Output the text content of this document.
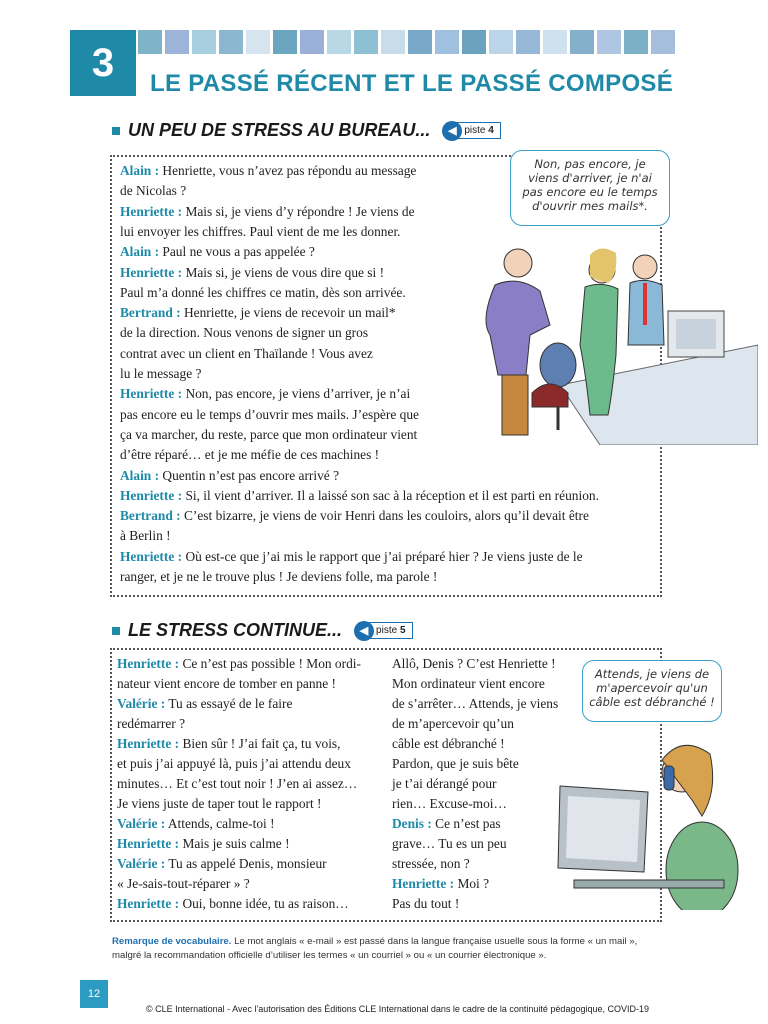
3	LE PASSÉ RÉCENT ET LE PASSÉ COMPOSÉ
UN PEU DE STRESS AU BUREAU...	◀︎ piste 4
Alain : Henriette, vous n’avez pas répondu au message
de Nicolas ?
Henriette : Mais si, je viens d’y répondre ! Je viens de
lui envoyer les chiffres. Paul vient de me les donner.
Alain : Paul ne vous a pas appelée ?
Henriette : Mais si, je viens de vous dire que si !
Paul m’a donné les chiffres ce matin, dès son arrivée.
Bertrand : Henriette, je viens de recevoir un mail*
de la direction. Nous venons de signer un gros
contrat avec un client en Thaïlande ! Vous avez
lu le message ?
Henriette : Non, pas encore, je viens d’arriver, je n’ai
pas encore eu le temps d’ouvrir mes mails. J’espère que
ça va marcher, du reste, parce que mon ordinateur vient
d’être réparé… et je me méfie de ces machines !
Alain : Quentin n’est pas encore arrivé ?
Henriette : Si, il vient d’arriver. Il a laissé son sac à la réception et il est parti en réunion.
Bertrand : C’est bizarre, je viens de voir Henri dans les couloirs, alors qu’il devait être
à Berlin !
Henriette : Où est-ce que j’ai mis le rapport que j’ai préparé hier ? Je viens juste de le
ranger, et je ne le trouve plus ! Je deviens folle, ma parole !
Non, pas encore, je
viens d'arriver, je n'ai
pas encore eu le temps
d'ouvrir mes mails*.
LE STRESS CONTINUE...	◀︎ piste 5
Henriette : Ce n’est pas possible ! Mon ordi-
nateur vient encore de tomber en panne !
Valérie : Tu as essayé de le faire
redémarrer ?
Henriette : Bien sûr ! J’ai fait ça, tu vois,
et puis j’ai appuyé là, puis j’ai attendu deux
minutes… Et c’est tout noir ! J’en ai assez…
Je viens juste de taper tout le rapport !
Valérie : Attends, calme-toi !
Henriette : Mais je suis calme !
Valérie : Tu as appelé Denis, monsieur
« Je-sais-tout-réparer » ?
Henriette : Oui, bonne idée, tu as raison…
Allô, Denis ? C’est Henriette !
Mon ordinateur vient encore
de s’arrêter… Attends, je viens
de m’apercevoir qu’un
câble est débranché !
Pardon, que je suis bête
je t’ai dérangé pour
rien… Excuse-moi…
Denis : Ce n’est pas
grave… Tu es un peu
stressée, non ?
Henriette : Moi ?
Pas du tout !
Attends, je viens de
m'apercevoir qu'un
câble est débranché !
Remarque de vocabulaire. Le mot anglais « e-mail » est passé dans la langue française usuelle sous la forme « un mail », malgré la recommandation officielle d’utiliser les termes « un courriel » ou « un courrier électronique ».
12
© CLE International - Avec l'autorisation des Éditions CLE International dans le cadre de la continuité pédagogique, COVID-19
